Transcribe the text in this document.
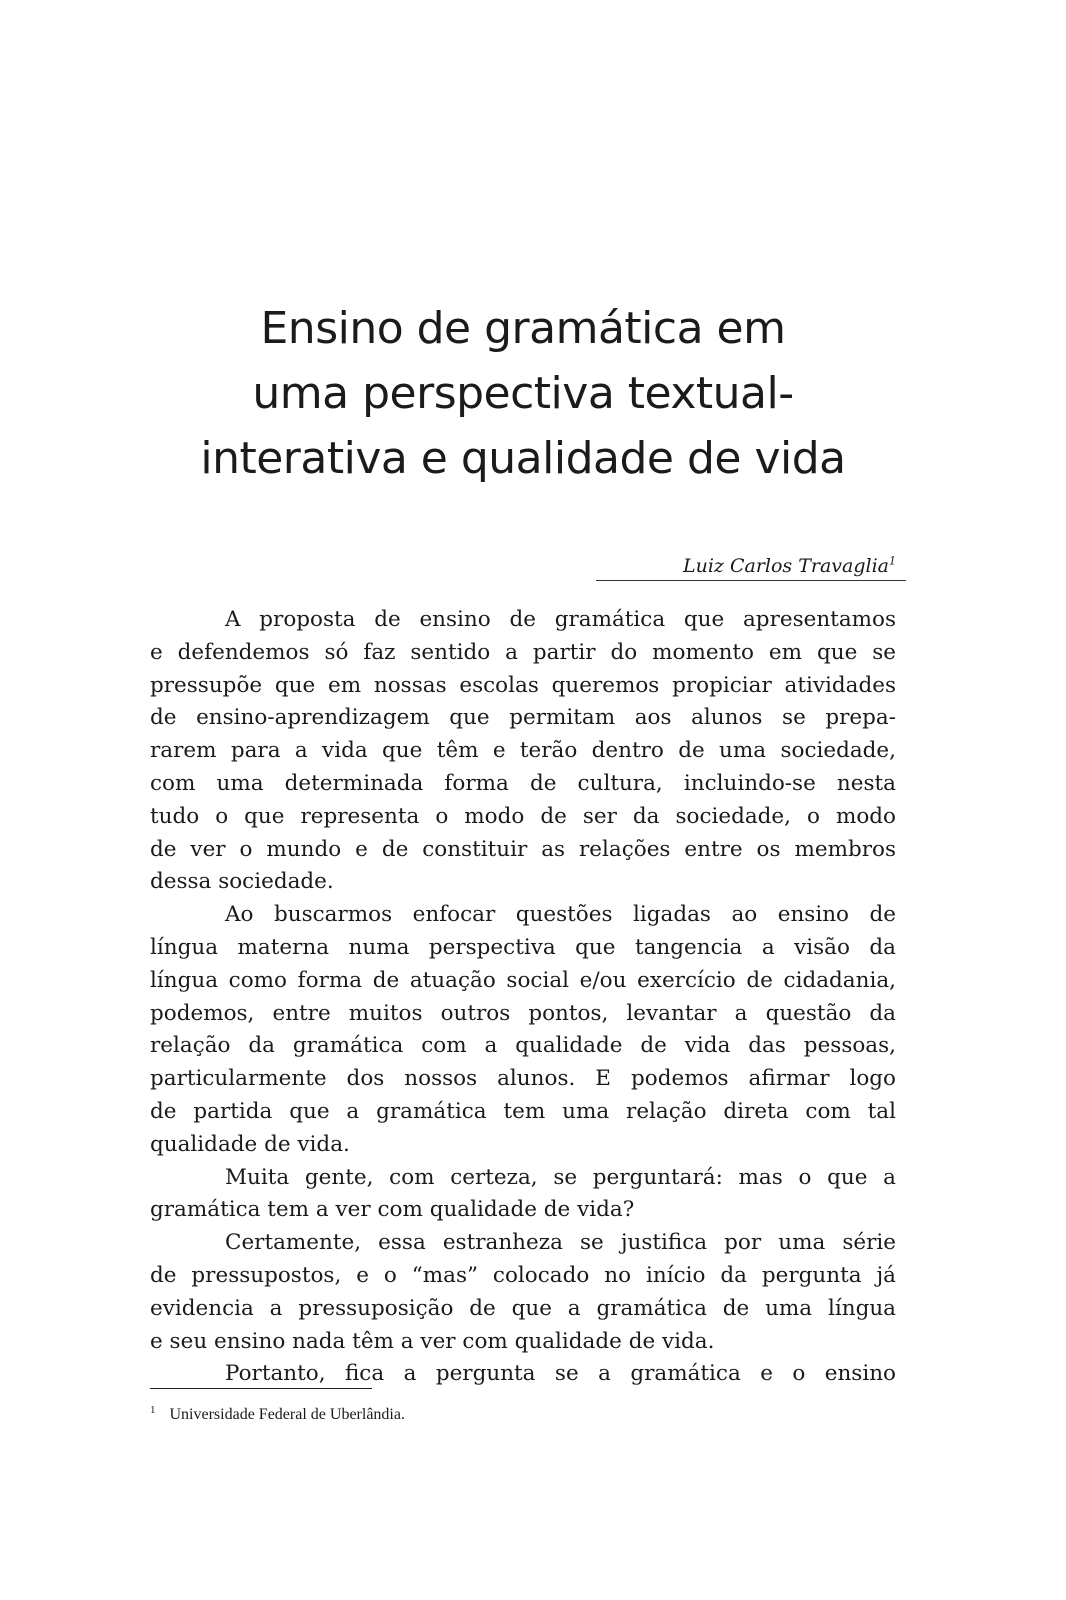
Ensino de gramática em
uma perspectiva textual-
interativa e qualidade de vida
Luiz Carlos Travaglia$^1$
A proposta de ensino de gramática que apresentamos
e defendemos só faz sentido a partir do momento em que se
pressupõe que em nossas escolas queremos propiciar atividades
de ensino-aprendizagem que permitam aos alunos se prepa-
rarem para a vida que têm e terão dentro de uma sociedade,
com uma determinada forma de cultura, incluindo-se nesta
tudo o que representa o modo de ser da sociedade, o modo
de ver o mundo e de constituir as relações entre os membros
dessa sociedade.
Ao buscarmos enfocar questões ligadas ao ensino de
língua materna numa perspectiva que tangencia a visão da
língua como forma de atuação social e/ou exercício de cidadania,
podemos, entre muitos outros pontos, levantar a questão da
relação da gramática com a qualidade de vida das pessoas,
particularmente dos nossos alunos. E podemos afirmar logo
de partida que a gramática tem uma relação direta com tal
qualidade de vida.
Muita gente, com certeza, se perguntará: mas o que a
gramática tem a ver com qualidade de vida?
Certamente, essa estranheza se justifica por uma série
de pressupostos, e o “mas” colocado no início da pergunta já
evidencia a pressuposição de que a gramática de uma língua
e seu ensino nada têm a ver com qualidade de vida.
Portanto, fica a pergunta se a gramática e o ensino
$^1$ Universidade Federal de Uberlândia.
